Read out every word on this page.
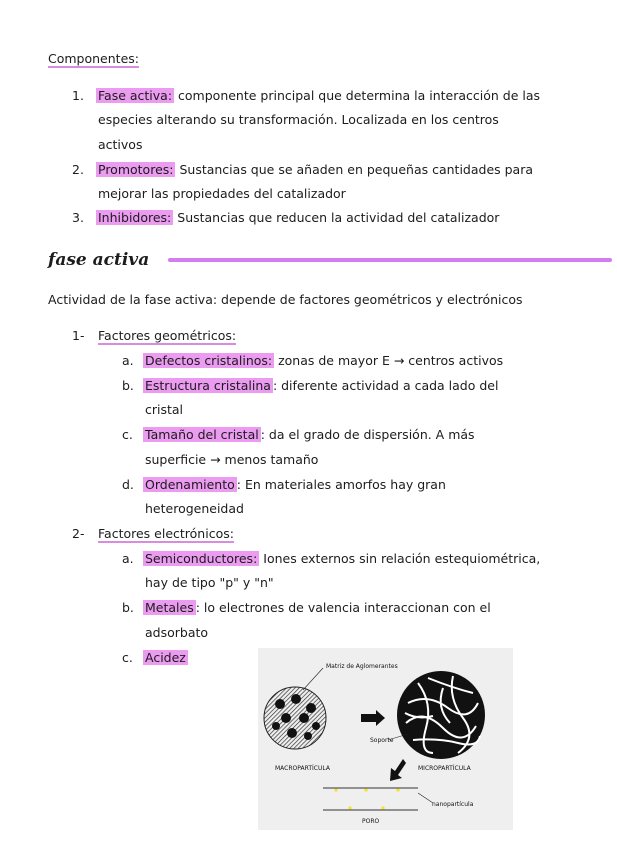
Componentes:
1. Fase activa: componente principal que determina la interacción de las
especies alterando su transformación. Localizada en los centros
activos
2. Promotores: Sustancias que se añaden en pequeñas cantidades para
mejorar las propiedades del catalizador
3. Inhibidores: Sustancias que reducen la actividad del catalizador
fase activa
Actividad de la fase activa: depende de factores geométricos y electrónicos
1- Factores geométricos:
a. Defectos cristalinos: zonas de mayor E → centros activos
b. Estructura cristalina : diferente actividad a cada lado del
cristal
c. Tamaño del cristal : da el grado de dispersión. A más
superficie → menos tamaño
d. Ordenamiento : En materiales amorfos hay gran
heterogeneidad
2- Factores electrónicos:
a. Semiconductores: Iones externos sin relación estequiométrica,
hay de tipo "p" y "n"
b. Metales : lo electrones de valencia interaccionan con el
adsorbato
c. Acidez
Matriz de Aglomerantes
Soporte
MACROPARTÍCULA	MICROPARTÍCULA
nanopartícula
PORO
